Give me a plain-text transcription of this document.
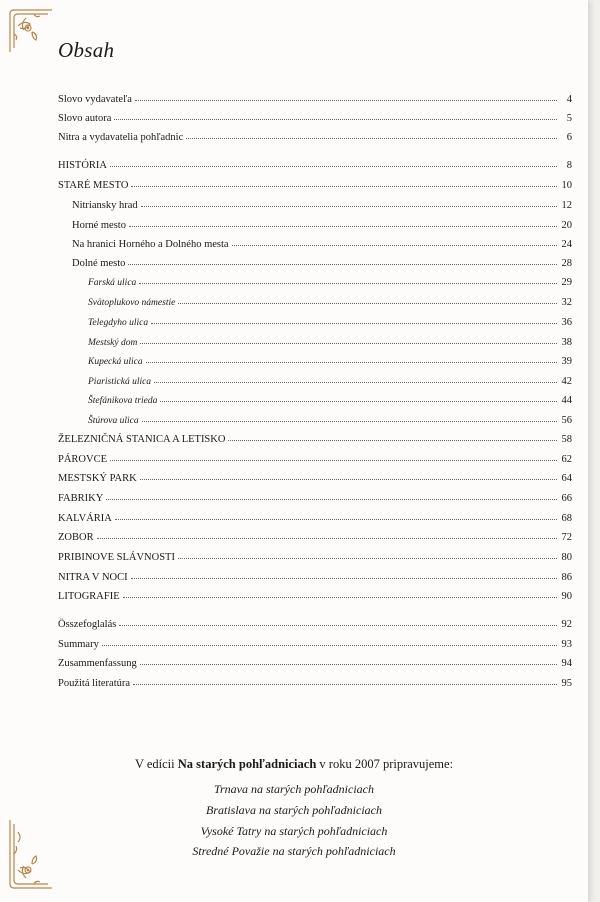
Obsah
Slovo vydavateľa	4
Slovo autora	5
Nitra a vydavatelia pohľadnic	6
HISTÓRIA	8
STARÉ MESTO	10
Nitriansky hrad	12
Horné mesto	20
Na hranici Horného a Dolného mesta	24
Dolné mesto	28
Farská ulica	29
Svätoplukovo námestie	32
Telegdyho ulica	36
Mestský dom	38
Kupecká ulica	39
Piaristická ulica	42
Štefánikova trieda	44
Štúrova ulica	56
ŽELEZNIČNÁ STANICA A LETISKO	58
PÁROVCE	62
MESTSKÝ PARK	64
FABRIKY	66
KALVÁRIA	68
ZOBOR	72
PRIBINOVE SLÁVNOSTI	80
NITRA V NOCI	86
LITOGRAFIE	90
Összefoglalás	92
Summary	93
Zusammenfassung	94
Použitá literatúra	95
V edícii Na starých pohľadniciach v roku 2007 pripravujeme:
Trnava na starých pohľadniciach
Bratislava na starých pohľadniciach
Vysoké Tatry na starých pohľadniciach
Stredné Považie na starých pohľadniciach
